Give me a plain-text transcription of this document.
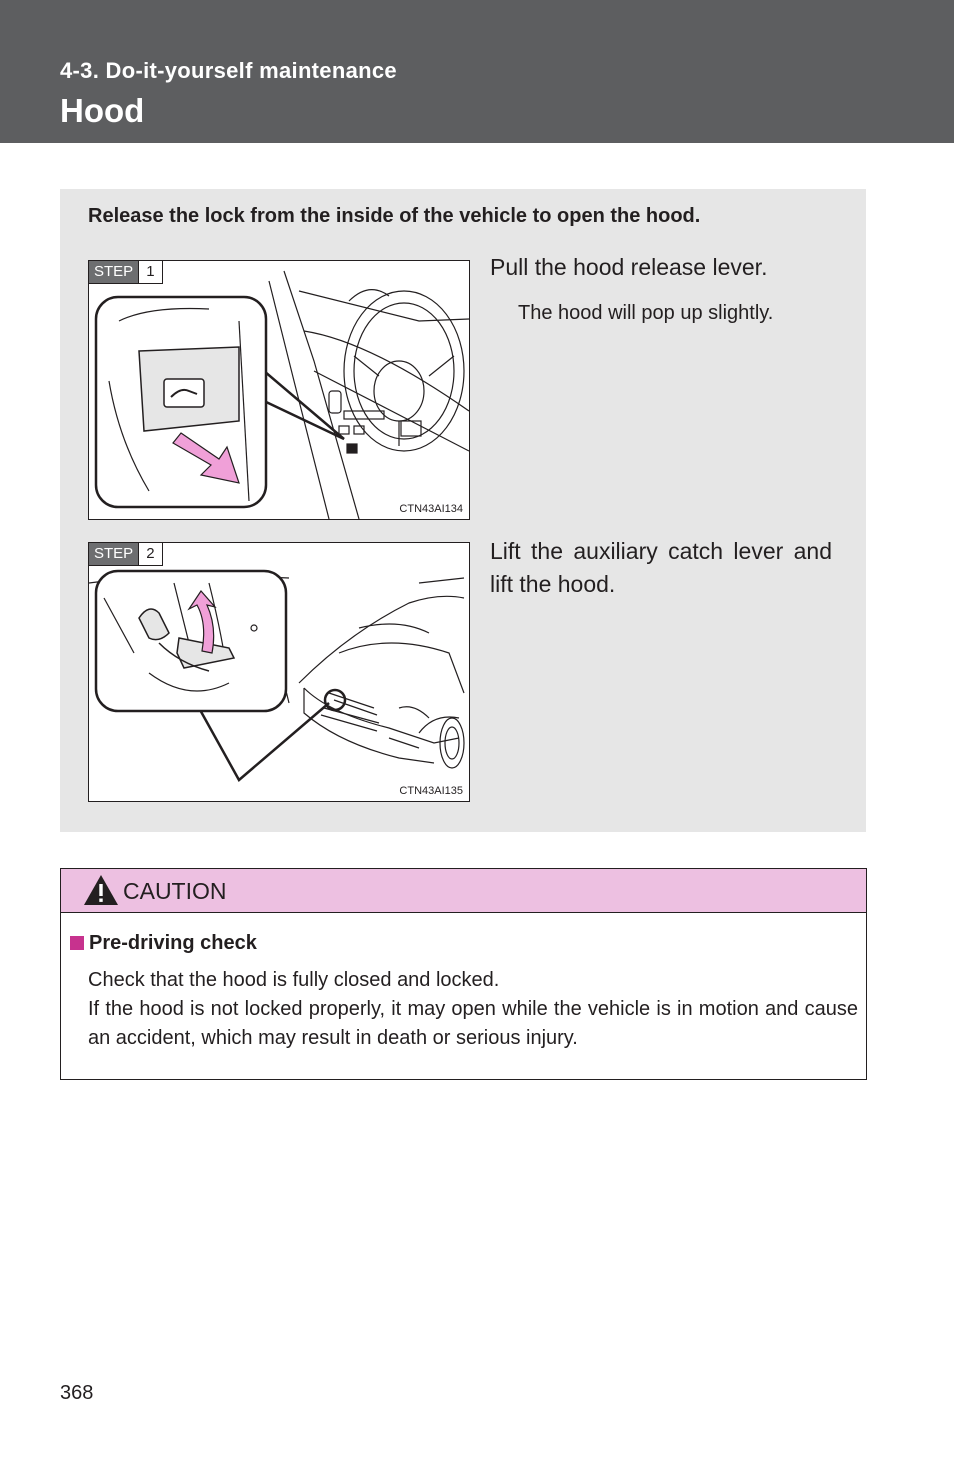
4-3. Do-it-yourself maintenance
Hood
Release the lock from the inside of the vehicle to open the hood.
STEP 1
CTN43AI134
Pull the hood release lever.
The hood will pop up slightly.
STEP 2
CTN43AI135
Lift the auxiliary catch lever and lift the hood.
CAUTION
Pre-driving check

Check that the hood is fully closed and locked.

If the hood is not locked properly, it may open while the vehicle is in motion and cause an accident, which may result in death or serious injury.

368
